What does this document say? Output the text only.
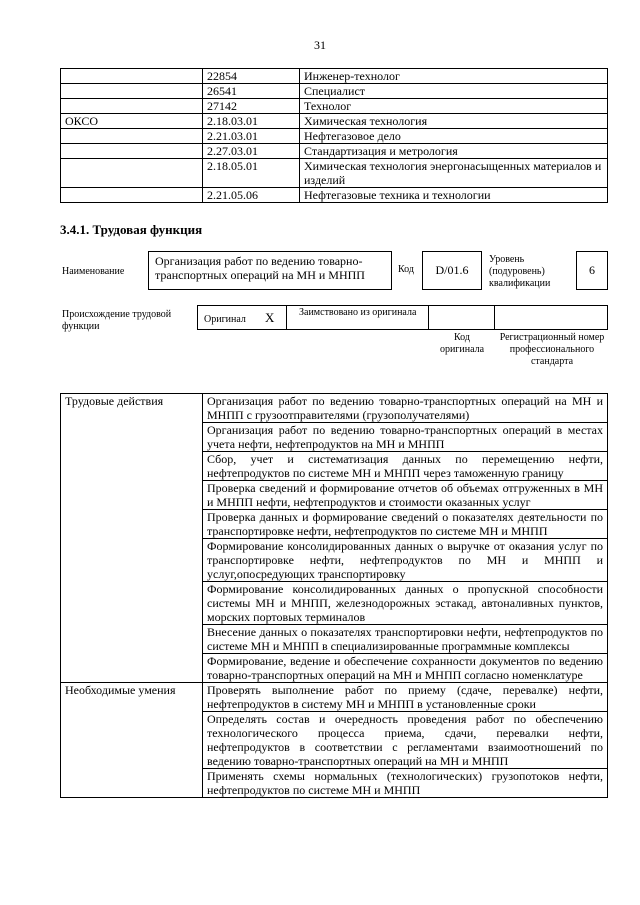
31
	22854	Инженер-технолог
	26541	Специалист
	27142	Технолог
ОКСО	2.18.03.01	Химическая технология
	2.21.03.01	Нефтегазовое дело
	2.27.03.01	Стандартизация и метрология
	2.18.05.01	Химическая технология энергонасыщенных материалов и изделий
	2.21.05.06	Нефтегазовые техника и технологии
3.4.1. Трудовая функция
Наименование
Организация работ по ведению товарно-транспортных операций на МН и МНПП	Код	D/01.6
Уровень (подуровень) квалификации
6
Происхождение трудовой функции
Оригинал X Заимствовано из оригинала
Код оригинала
Регистрационный номер профессионального стандарта
Трудовые действия	Организация работ по ведению товарно-транспортных операций на МН и МНПП с грузоотправителями (грузополучателями)
	Организация работ по ведению товарно-транспортных операций в местах учета нефти, нефтепродуктов на МН и МНПП
	Сбор, учет и систематизация данных по перемещению нефти, нефтепродуктов по системе МН и МНПП через таможенную границу
	Проверка сведений и формирование отчетов об объемах отгруженных в МН и МНПП нефти, нефтепродуктов и стоимости оказанных услуг
	Проверка данных и формирование сведений о показателях деятельности по транспортировке нефти, нефтепродуктов по системе МН и МНПП
	Формирование консолидированных данных о выручке от оказания услуг по транспортировке нефти, нефтепродуктов по МН и МНПП и услуг,опосредующих транспортировку
	Формирование консолидированных данных о пропускной способности системы МН и МНПП, железнодорожных эстакад, автоналивных пунктов, морских портовых терминалов
	Внесение данных о показателях транспортировки нефти, нефтепродуктов по системе МН и МНПП в специализированные программные комплексы
	Формирование, ведение и обеспечение сохранности документов по ведению товарно-транспортных операций на МН и МНПП согласно номенклатуре
Необходимые умения	Проверять выполнение работ по приему (сдаче, перевалке) нефти, нефтепродуктов в систему МН и МНПП в установленные сроки
	Определять состав и очередность проведения работ по обеспечению технологического процесса приема, сдачи, перевалки нефти, нефтепродуктов в соответствии с регламентами взаимоотношений по ведению товарно-транспортных операций на МН и МНПП
	Применять схемы нормальных (технологических) грузопотоков нефти, нефтепродуктов по системе МН и МНПП
